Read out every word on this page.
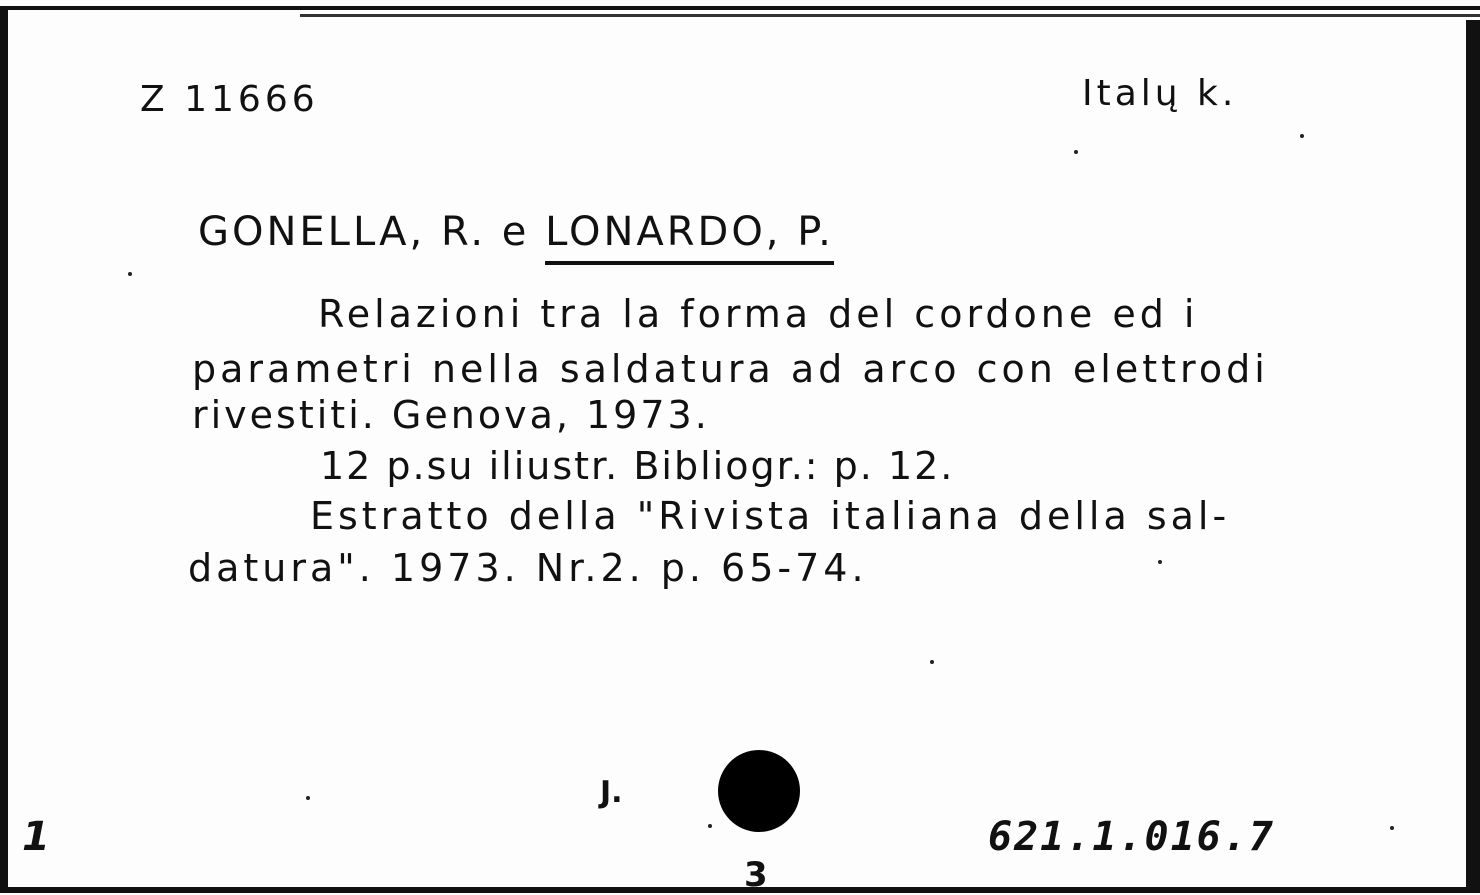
Z 11666	Italų k.
GONELLA, R. e LONARDO, P.
Relazioni tra la forma del cordone ed i
parametri nella saldatura ad arco con elettrodi
rivestiti. Genova, 1973.
12 p.su iliustr. Bibliogr.: p. 12.
Estratto della "Rivista italiana della sal-
datura". 1973. Nr.2. p. 65-74.
1
J.
3
621.1.016.7
